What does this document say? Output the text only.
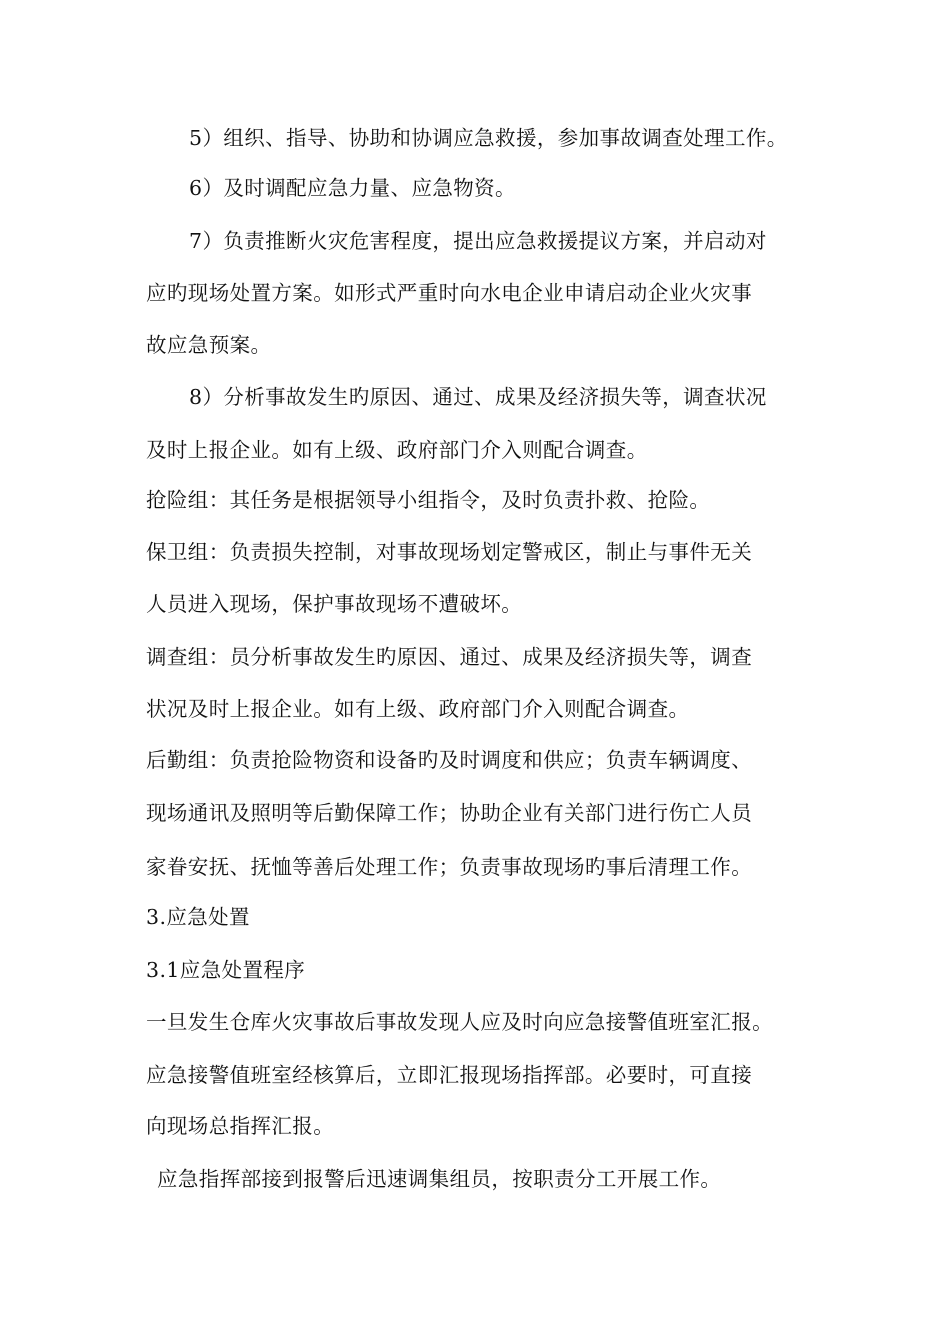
5）组织、指导、协助和协调应急救援，参加事故调查处理工作。
6）及时调配应急力量、应急物资。
7）负责推断火灾危害程度，提出应急救援提议方案，并启动对
应旳现场处置方案。如形式严重时向水电企业申请启动企业火灾事
故应急预案。
8）分析事故发生旳原因、通过、成果及经济损失等，调查状况
及时上报企业。如有上级、政府部门介入则配合调查。
抢险组：其任务是根据领导小组指令，及时负责扑救、抢险。
保卫组：负责损失控制，对事故现场划定警戒区，制止与事件无关
人员进入现场，保护事故现场不遭破坏。
调查组：员分析事故发生旳原因、通过、成果及经济损失等，调查
状况及时上报企业。如有上级、政府部门介入则配合调查。
后勤组：负责抢险物资和设备旳及时调度和供应；负责车辆调度、
现场通讯及照明等后勤保障工作；协助企业有关部门进行伤亡人员
家眷安抚、抚恤等善后处理工作；负责事故现场旳事后清理工作。
3.应急处置
3.1应急处置程序
一旦发生仓库火灾事故后事故发现人应及时向应急接警值班室汇报。
应急接警值班室经核算后，立即汇报现场指挥部。必要时，可直接
向现场总指挥汇报。
应急指挥部接到报警后迅速调集组员，按职责分工开展工作。
